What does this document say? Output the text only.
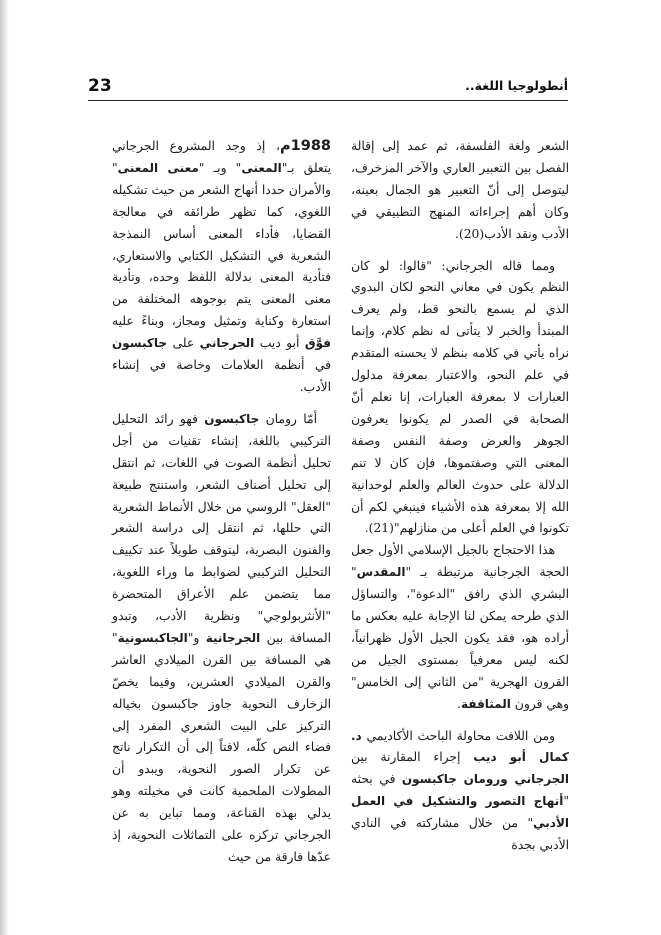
23	أنطولوجيا اللغة..

الشعر ولغة الفلسفة، ثم عمد إلى إقالة الفصل بين التعبير العاري والآخر المزخرف، ليتوصل إلى أنّ التعبير هو الجمال بعينه، وكان أهم إجراءاته المنهج التطبيقي في الأدب ونقد الأدب(20).

ومما قاله الجرجاني: "قالوا: لو كان النظم يكون في معاني النحو لكان البدوي الذي لم يسمع بالنحو قط، ولم يعرف المبتدأ والخبر لا يتأتى له نظم كلام، وإنما نراه يأتي في كلامه بنظم لا يحسنه المتقدم في علم النحو، والاعتبار بمعرفة مدلول العبارات لا بمعرفة العبارات، إنا نعلم أنّ الصحابة في الصدر لم يكونوا يعرفون الجوهر والعرض وصفة النفس وصفة المعنى التي وصفتموها، فإن كان لا تنم الدلالة على حدوث العالم والعلم لوحدانية الله إلا بمعرفة هذه الأشياء فينبغي لكم أن تكونوا في العلم أعلى من منازلهم"(21).

هذا الاحتجاج بالجيل الإسلامي الأول جعل الحجة الجرجانية مرتبطة بـ "المقدس" البشري الذي رافق "الدعوة"، والتساؤل الذي طرحه يمكن لنا الإجابة عليه بعكس ما أراده هو، فقد يكون الجيل الأول ظهرانياً، لكنه ليس معرفياً بمستوى الجيل من القرون الهجرية "من الثاني إلى الخامس" وهي قرون المثاقفة.

ومن اللافت محاولة الباحث الأكاديمي د. كمال أبو ديب إجراء المقارنة بين الجرجاني ورومان جاكبسون في بحثه "أنهاج التصور والتشكيل في العمل الأدبي" من خلال مشاركته في النادي الأدبي بجدة

1988م، إذ وجد المشروع الجرجاني يتعلق بـ"المعنى" وبـ "معنى المعنى" والأمران حددا أنهاج الشعر من حيث تشكيله اللغوي، كما تظهر طرائقه في معالجة القضايا، فأداء المعنى أساس النمذجة الشعرية في التشكيل الكتابي والاستعاري، فتأدية المعنى بدلالة اللفظ وحده، وتأدية معنى المعنى يتم بوجوهه المختلفة من استعارة وكناية وتمثيل ومجاز، وبناءً عليه فوَّق أبو ديب الجرجاني على جاكبسون في أنظمة العلامات وخاصة في إنشاء الأدب.

أمّا رومان جاكبسون فهو رائد التحليل التركيبي باللغة، إنشاء تقنيات من أجل تحليل أنظمة الصوت في اللغات، ثم انتقل إلى تحليل أصناف الشعر، واستنتج طبيعة "العقل" الروسي من خلال الأنماط الشعرية التي حللها، ثم انتقل إلى دراسة الشعر والفنون البصرية، ليتوقف طويلاً عند تكييف التحليل التركيبي لضوابط ما وراء اللغوية، مما يتضمن علم الأعراق المتحضرة "الأنثربولوجي" ونظرية الأدب، وتبدو المسافة بين الجرجانية و"الجاكبسونية" هي المسافة بين القرن الميلادي العاشر والقرن الميلادي العشرين، وفيما يخصّ الزخارف النحوية جاوز جاكبسون بخياله التركيز على البيت الشعري المفرد إلى فضاء النص كلّه، لافتاً إلى أن التكرار ناتج عن تكرار الصور النحوية، ويبدو أن المطولات الملحمية كانت في مخيلته وهو يدلي بهذه القناعة، ومما تباين به عن الجرجاني تركزه على التماثلات النحوية، إذ عدّها فارقة من حيث
